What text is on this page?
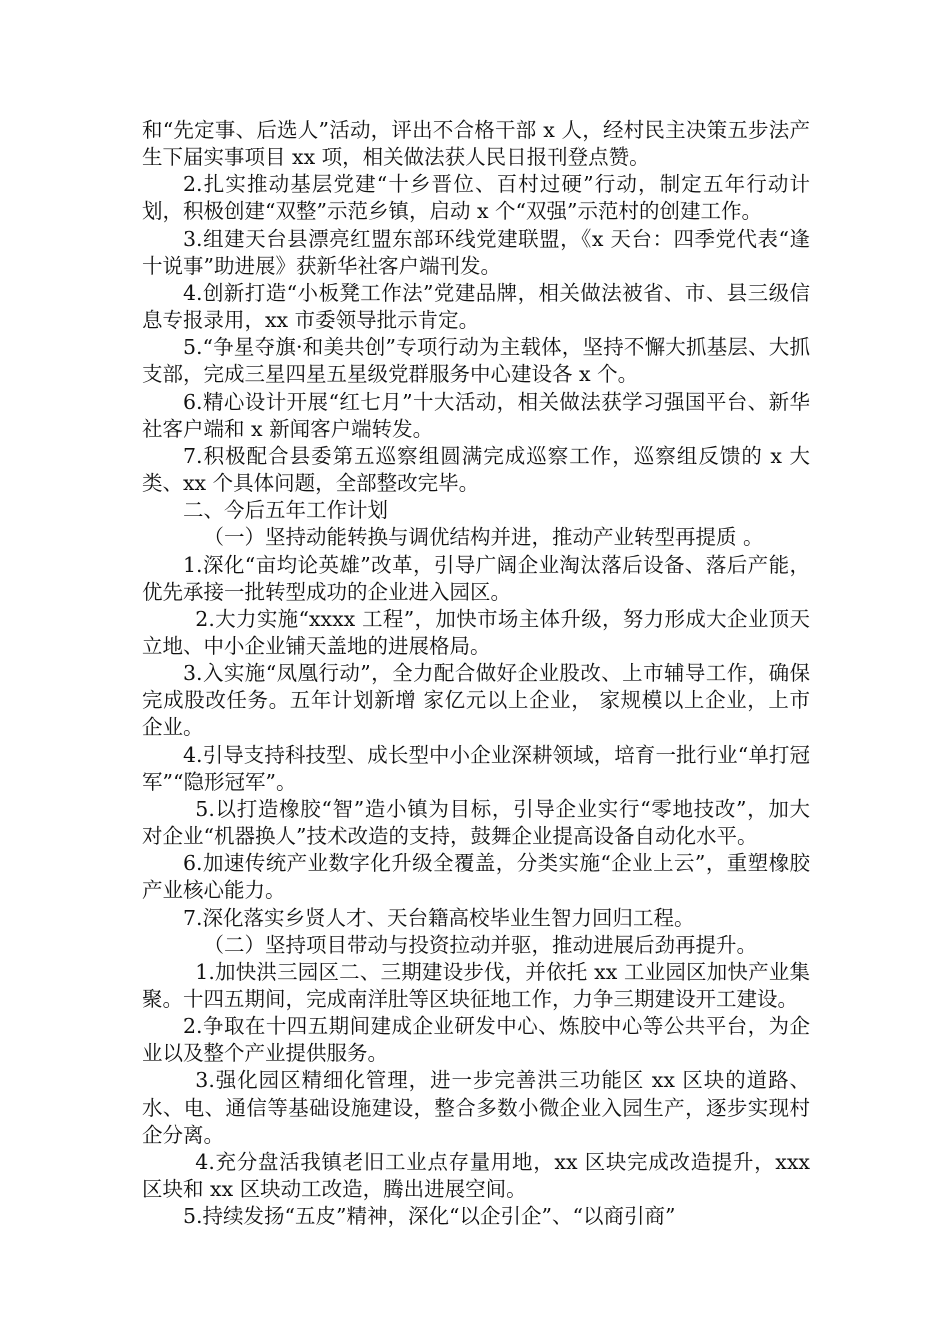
和“先定事、后选人”活动，评出不合格干部 x 人，经村民主决策五步法产生下届实事项目 xx 项，相关做法获人民日报刊登点赞。

2.扎实推动基层党建“十乡晋位、百村过硬”行动，制定五年行动计划，积极创建“双整”示范乡镇，启动 x 个“双强”示范村的创建工作。

3.组建天台县漂亮红盟东部环线党建联盟，《x 天台：四季党代表“逢十说事”助进展》获新华社客户端刊发。

4.创新打造“小板凳工作法”党建品牌，相关做法被省、市、县三级信息专报录用，xx 市委领导批示肯定。

5.“争星夺旗·和美共创”专项行动为主载体，坚持不懈大抓基层、大抓支部，完成三星四星五星级党群服务中心建设各 x 个。

6.精心设计开展“红七月”十大活动，相关做法获学习强国平台、新华社客户端和 x 新闻客户端转发。

7.积极配合县委第五巡察组圆满完成巡察工作，巡察组反馈的 x 大类、xx 个具体问题，全部整改完毕。

二、今后五年工作计划

（一）坚持动能转换与调优结构并进，推动产业转型再提质 。

1.深化“亩均论英雄”改革，引导广阔企业淘汰落后设备、落后产能，优先承接一批转型成功的企业进入园区。

2.大力实施“xxxx 工程”，加快市场主体升级，努力形成大企业顶天立地、中小企业铺天盖地的进展格局。

3.入实施“凤凰行动”，全力配合做好企业股改、上市辅导工作，确保完成股改任务。五年计划新增 家亿元以上企业， 家规模以上企业，上市企业。

4.引导支持科技型、成长型中小企业深耕领域，培育一批行业“单打冠军”“隐形冠军”。

5.以打造橡胶“智”造小镇为目标，引导企业实行“零地技改”，加大对企业“机器换人”技术改造的支持，鼓舞企业提高设备自动化水平。

6.加速传统产业数字化升级全覆盖，分类实施“企业上云”，重塑橡胶产业核心能力。

7.深化落实乡贤人才、天台籍高校毕业生智力回归工程。

（二）坚持项目带动与投资拉动并驱，推动进展后劲再提升。

1.加快洪三园区二、三期建设步伐，并依托 xx 工业园区加快产业集聚。十四五期间，完成南洋肚等区块征地工作，力争三期建设开工建设。

2.争取在十四五期间建成企业研发中心、炼胶中心等公共平台，为企业以及整个产业提供服务。

3.强化园区精细化管理，进一步完善洪三功能区 xx 区块的道路、水、电、通信等基础设施建设，整合多数小微企业入园生产，逐步实现村企分离。

4.充分盘活我镇老旧工业点存量用地，xx 区块完成改造提升，xxx 区块和 xx 区块动工改造，腾出进展空间。

5.持续发扬“五皮”精神，深化“以企引企”、“以商引商”
